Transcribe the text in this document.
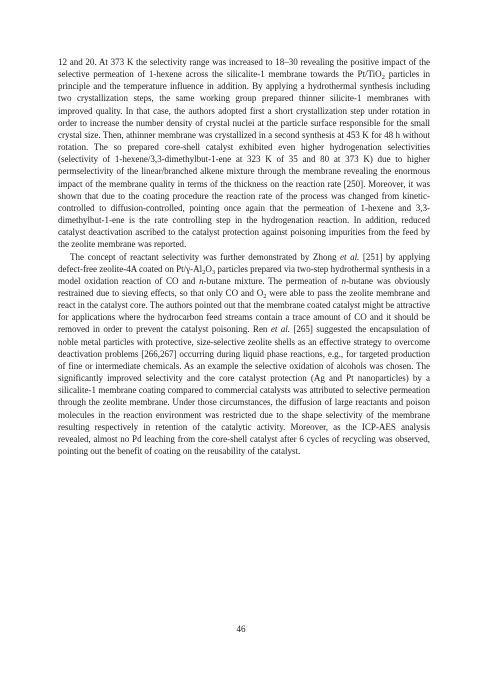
12 and 20. At 373 K the selectivity range was increased to 18–30 revealing the positive impact of the selective permeation of 1-hexene across the silicalite-1 membrane towards the Pt/TiO$_2$ particles in principle and the temperature influence in addition. By applying a hydrothermal synthesis including two crystallization steps, the same working group prepared thinner silicite-1 membranes with improved quality. In that case, the authors adopted first a short crystallization step under rotation in order to increase the number density of crystal nuclei at the particle surface responsible for the small crystal size. Then, athinner membrane was crystallized in a second synthesis at 453 K for 48 h without rotation. The so prepared core-shell catalyst exhibited even higher hydrogenation selectivities (selectivity of 1-hexene/3,3-dimethylbut-1-ene at 323 K of 35 and 80 at 373 K) due to higher permselectivity of the linear/branched alkene mixture through the membrane revealing the enormous impact of the membrane quality in terms of the thickness on the reaction rate [250]. Moreover, it was shown that due to the coating procedure the reaction rate of the process was changed from kinetic-controlled to diffusion-controlled, pointing once again that the permeation of 1-hexene and 3,3-dimethylbut-1-ene is the rate controlling step in the hydrogenation reaction. In addition, reduced catalyst deactivation ascribed to the catalyst protection against poisoning impurities from the feed by the zeolite membrane was reported.

The concept of reactant selectivity was further demonstrated by Zhong et al. [251] by applying defect-free zeolite-4A coated on $Pt/\gamma-Al_2O_3$ particles prepared via two-step hydrothermal synthesis in a model oxidation reaction of CO and n-butane mixture. The permeation of n-butane was obviously restrained due to sieving effects, so that only CO and $O_2$ were able to pass the zeolite membrane and react in the catalyst core. The authors pointed out that the membrane coated catalyst might be attractive for applications where the hydrocarbon feed streams contain a trace amount of CO and it should be removed in order to prevent the catalyst poisoning. Ren et al. [265] suggested the encapsulation of noble metal particles with protective, size-selective zeolite shells as an effective strategy to overcome deactivation problems [266,267] occurring during liquid phase reactions, e.g., for targeted production of fine or intermediate chemicals. As an example the selective oxidation of alcohols was chosen. The significantly improved selectivity and the core catalyst protection (Ag and Pt nanoparticles) by a silicalite-1 membrane coating compared to commercial catalysts was attributed to selective permeation through the zeolite membrane. Under those circumstances, the diffusion of large reactants and poison molecules in the reaction environment was restricted due to the shape selectivity of the membrane resulting respectively in retention of the catalytic activity. Moreover, as the ICP-AES analysis revealed, almost no Pd leaching from the core-shell catalyst after 6 cycles of recycling was observed, pointing out the benefit of coating on the reusability of the catalyst.

46
